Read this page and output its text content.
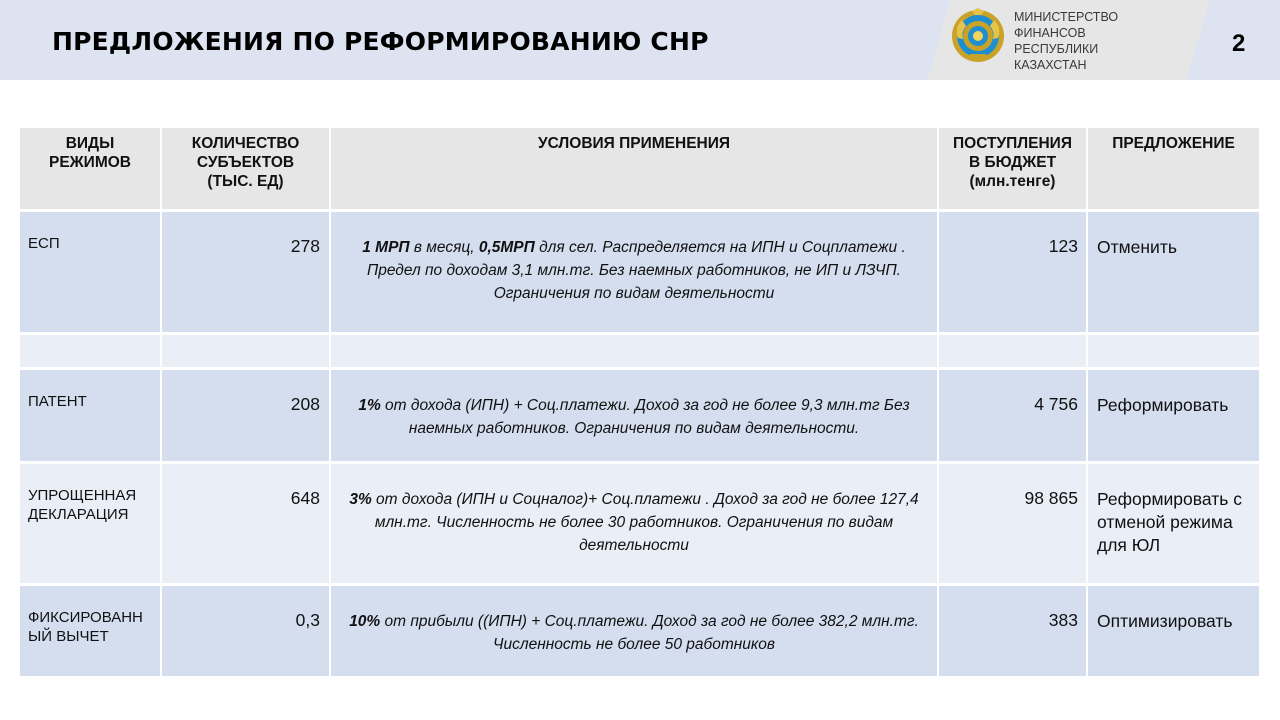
ПРЕДЛОЖЕНИЯ ПО РЕФОРМИРОВАНИЮ СНР
МИНИСТЕРСТВО
ФИНАНСОВ
РЕСПУБЛИКИ
КАЗАХСТАН
2
ВИДЫ РЕЖИМОВ	КОЛИЧЕСТВО СУБЪЕКТОВ (ТЫС. ЕД)	УСЛОВИЯ ПРИМЕНЕНИЯ	ПОСТУПЛЕНИЯ В БЮДЖЕТ (млн.тенге)	ПРЕДЛОЖЕНИЕ
ЕСП	278	1 МРП в месяц, 0,5МРП для сел. Распределяется на ИПН и Соцплатежи . Предел по доходам 3,1 млн.тг. Без наемных работников, не ИП и ЛЗЧП. Ограничения по видам деятельности	123	Отменить

ПАТЕНТ	208	1% от дохода (ИПН) + Соц.платежи. Доход за год не более 9,3 млн.тг Без наемных работников. Ограничения по видам деятельности.	4 756	Реформировать
УПРОЩЕННАЯ ДЕКЛАРАЦИЯ	648	3% от дохода (ИПН и Соцналог)+ Соц.платежи . Доход за год не более 127,4 млн.тг. Численность не более 30 работников. Ограничения по видам деятельности	98 865	Реформировать с отменой режима для ЮЛ
ФИКСИРОВАНН ЫЙ ВЫЧЕТ	0,3	10% от прибыли ((ИПН) + Соц.платежи. Доход за год не более 382,2 млн.тг. Численность не более 50 работников	383	Оптимизировать
